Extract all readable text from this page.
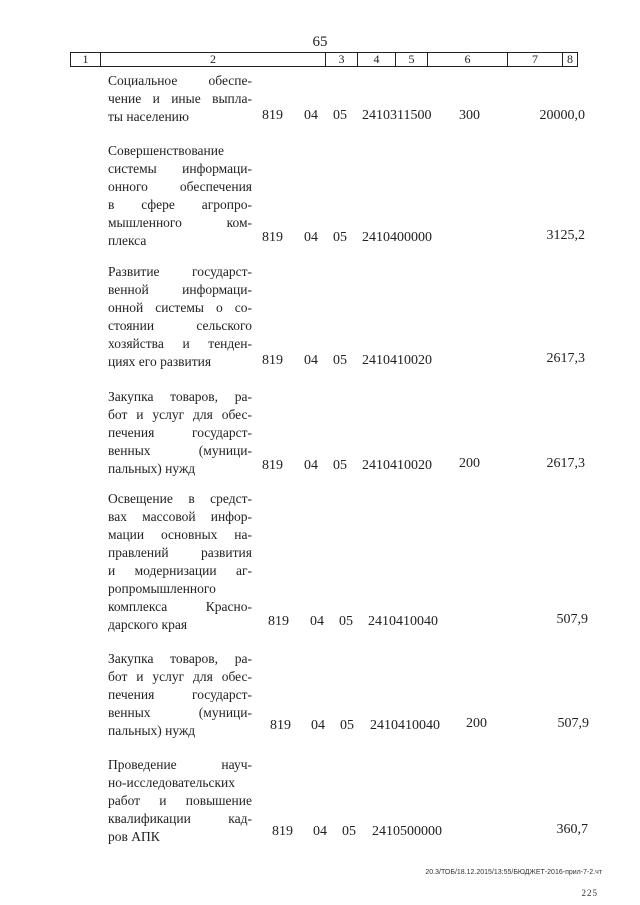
65
1	2	3	4	5	6	7	8
Социальное обеспе-
чение и иные выпла-
ты населению	819 04 05 2410311500 300	20000,0
Совершенствование
системы информаци-
онного обеспечения
в сфере агропро-
мышленного ком-
плекса	819 04 05 2410400000	3125,2
Развитие государст-
венной информаци-
онной системы о со-
стоянии сельского
хозяйства и тенден-
циях его развития	819 04 05 2410410020	2617,3
Закупка товаров, ра-
бот и услуг для обес-
печения государст-
венных (муници-
пальных) нужд	819 04 05 2410410020 200	2617,3
Освещение в средст-
вах массовой инфор-
мации основных на-
правлений развития
и модернизации аг-
ропромышленного
комплекса Красно-
дарского края	819 04 05 2410410040	507,9
Закупка товаров, ра-
бот и услуг для обес-
печения государст-
венных (муници-
пальных) нужд	819 04 05 2410410040 200	507,9
Проведение науч-
но-исследовательских
работ и повышение
квалификации кад-
ров АПК	819 04 05 2410500000	360,7
20.3/ТОБ/18.12.2015/13:55/БЮДЖЕТ-2016-прил-7-2.чт
225
